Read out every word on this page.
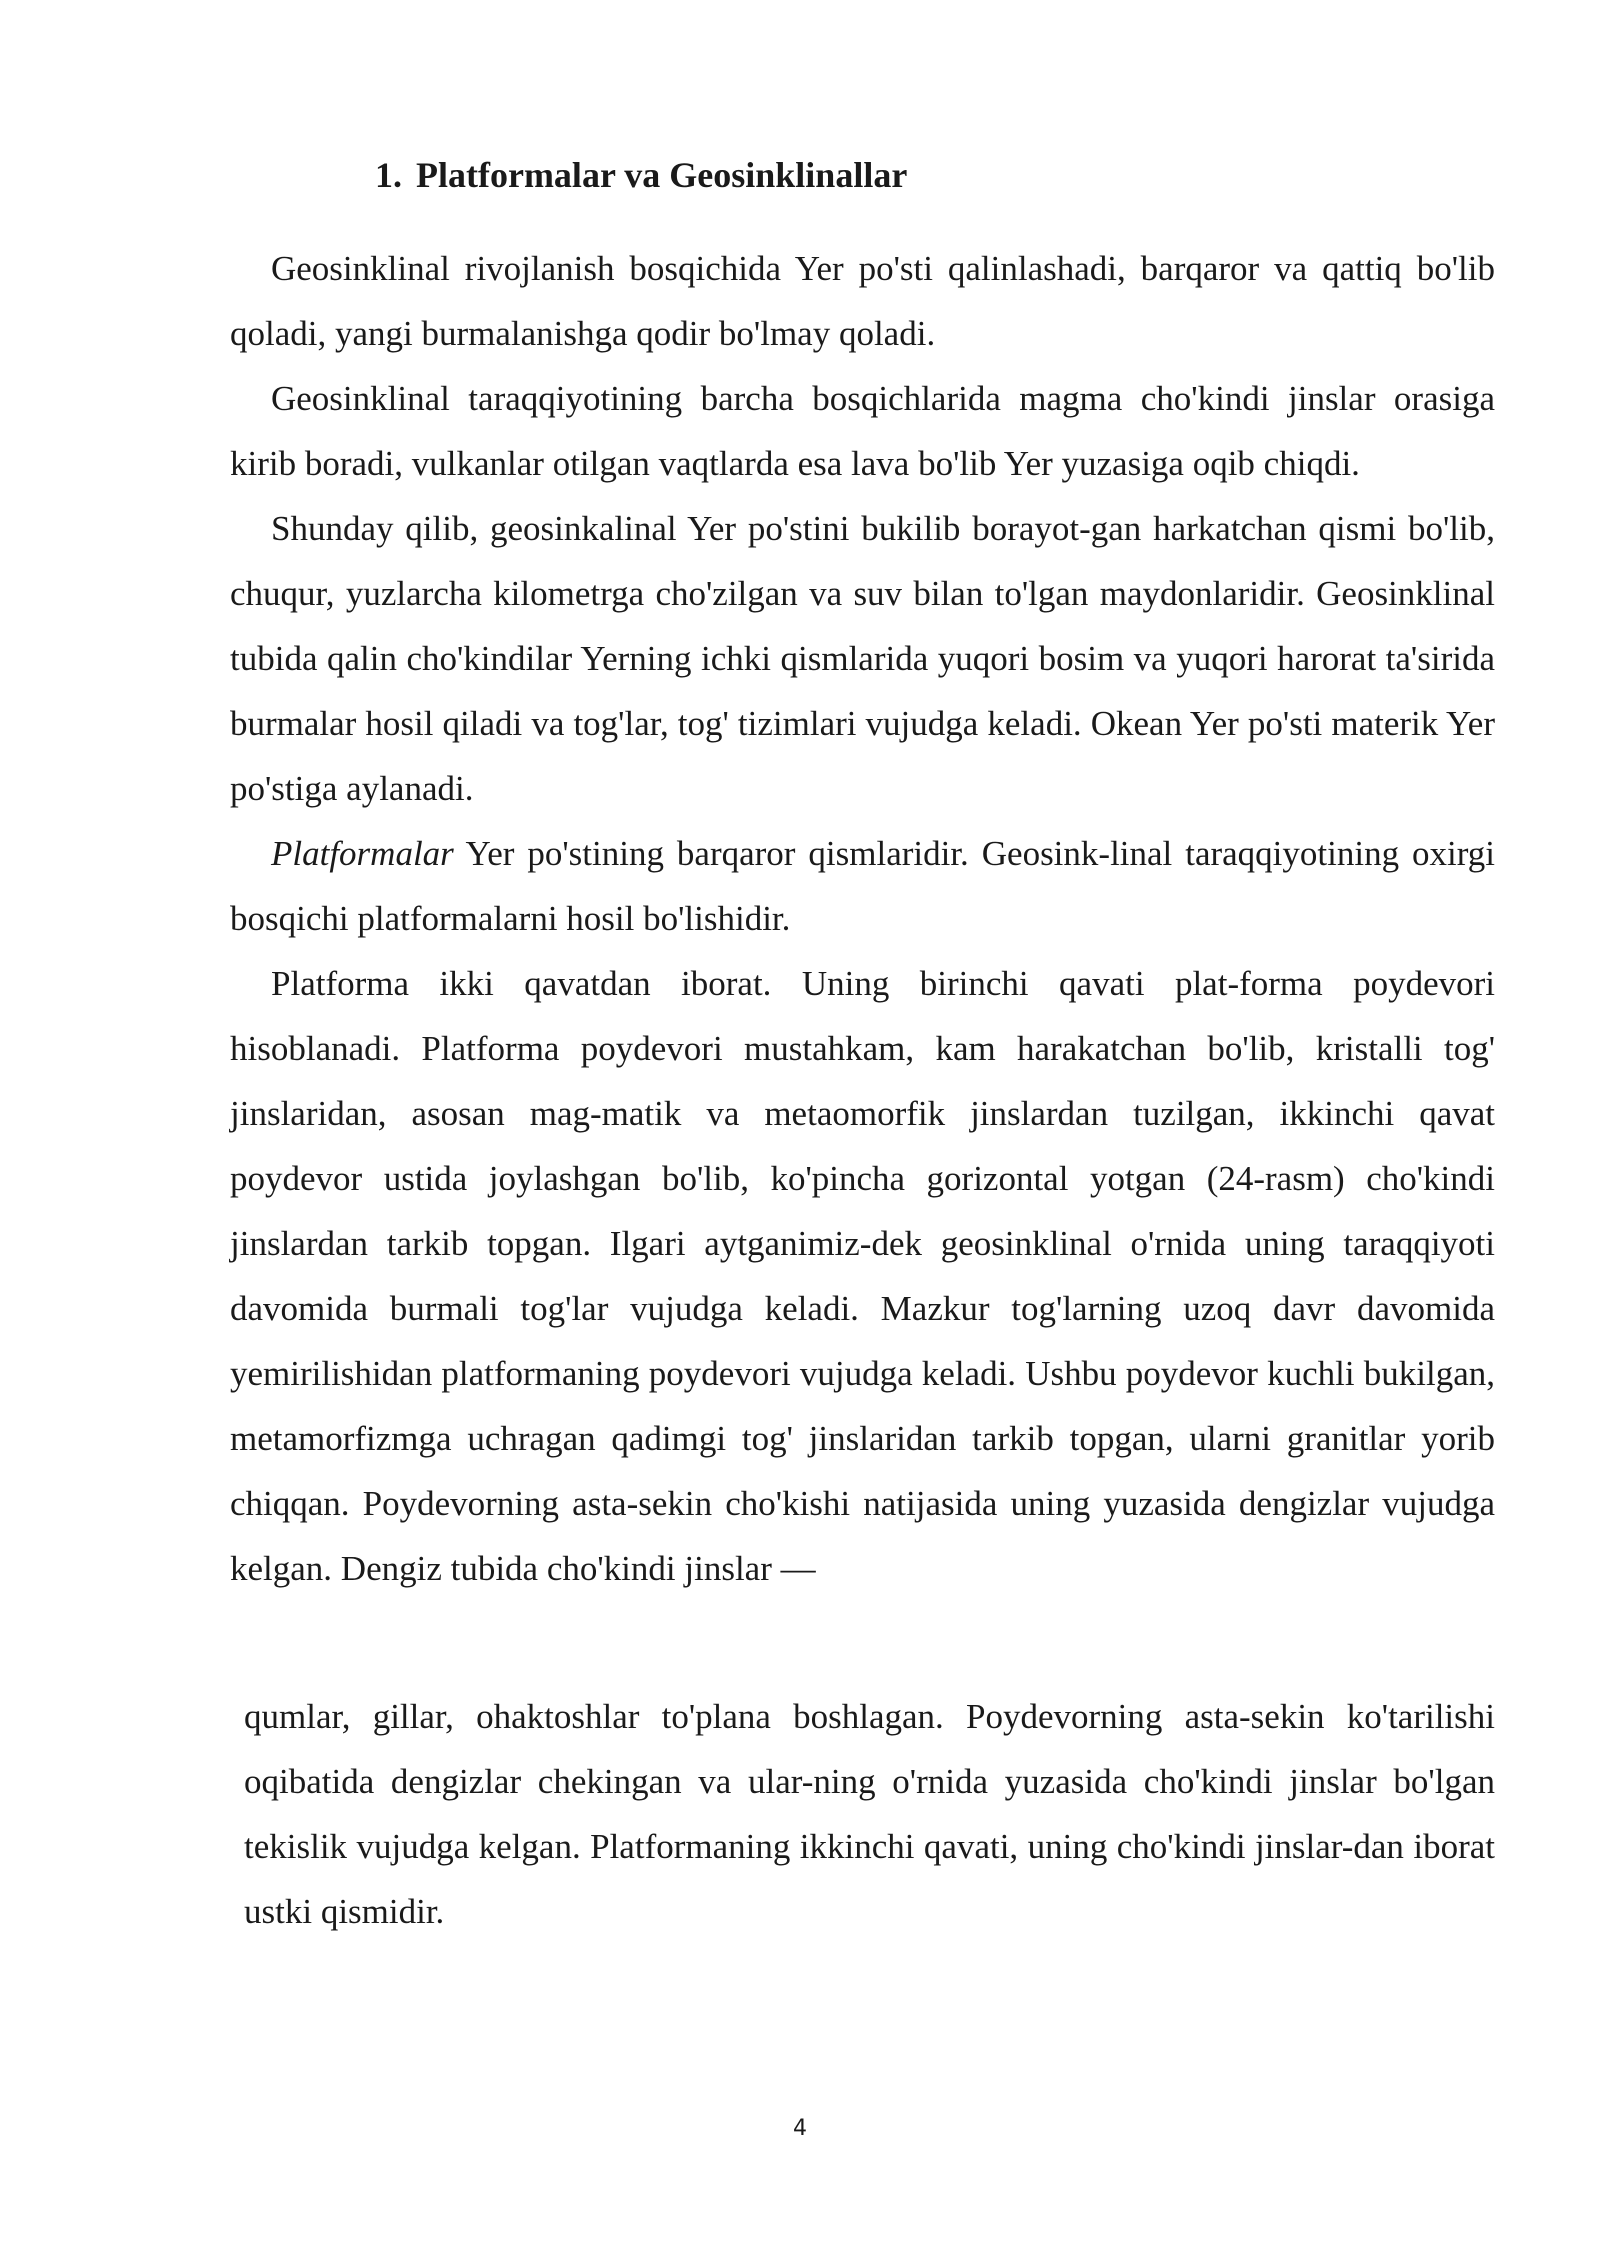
1. Platformalar va Geosinklinallar

Geosinklinal rivojlanish bosqichida Yer po'sti qalinlashadi, barqaror va qattiq bo'lib qoladi, yangi burmalanishga qodir bo'lmay qoladi.

Geosinklinal taraqqiyotining barcha bosqichlarida magma cho'kindi jinslar orasiga kirib boradi, vulkanlar otilgan vaqtlarda esa lava bo'lib Yer yuzasiga oqib chiqdi.

Shunday qilib, geosinkalinal Yer po'stini bukilib borayot-gan harkatchan qismi bo'lib, chuqur, yuzlarcha kilometrga cho'zilgan va suv bilan to'lgan maydonlaridir. Geosinklinal tubida qalin cho'kindilar Yerning ichki qismlarida yuqori bosim va yuqori harorat ta'sirida burmalar hosil qiladi va tog'lar, tog' tizimlari vujudga keladi. Okean Yer po'sti materik Yer po'stiga aylanadi.

Platformalar Yer po'stining barqaror qismlaridir. Geosink-linal taraqqiyotining oxirgi bosqichi platformalarni hosil bo'lishidir.

Platforma ikki qavatdan iborat. Uning birinchi qavati plat-forma poydevori hisoblanadi. Platforma poydevori mustahkam, kam harakatchan bo'lib, kristalli tog' jinslaridan, asosan mag-matik va metaomorfik jinslardan tuzilgan, ikkinchi qavat poydevor ustida joylashgan bo'lib, ko'pincha gorizontal yotgan (24-rasm) cho'kindi jinslardan tarkib topgan. Ilgari aytganimiz-dek geosinklinal o'rnida uning taraqqiyoti davomida burmali tog'lar vujudga keladi. Mazkur tog'larning uzoq davr davomida yemirilishidan platformaning poydevori vujudga keladi. Ushbu poydevor kuchli bukilgan, metamorfizmga uchragan qadimgi tog' jinslaridan tarkib topgan, ularni granitlar yorib chiqqan. Poydevorning asta-sekin cho'kishi natijasida uning yuzasida dengizlar vujudga kelgan. Dengiz tubida cho'kindi jinslar —

qumlar, gillar, ohaktoshlar to'plana boshlagan. Poydevorning asta-sekin ko'tarilishi oqibatida dengizlar chekingan va ular-ning o'rnida yuzasida cho'kindi jinslar bo'lgan tekislik vujudga kelgan. Platformaning ikkinchi qavati, uning cho'kindi jinslar-dan iborat ustki qismidir.

4
